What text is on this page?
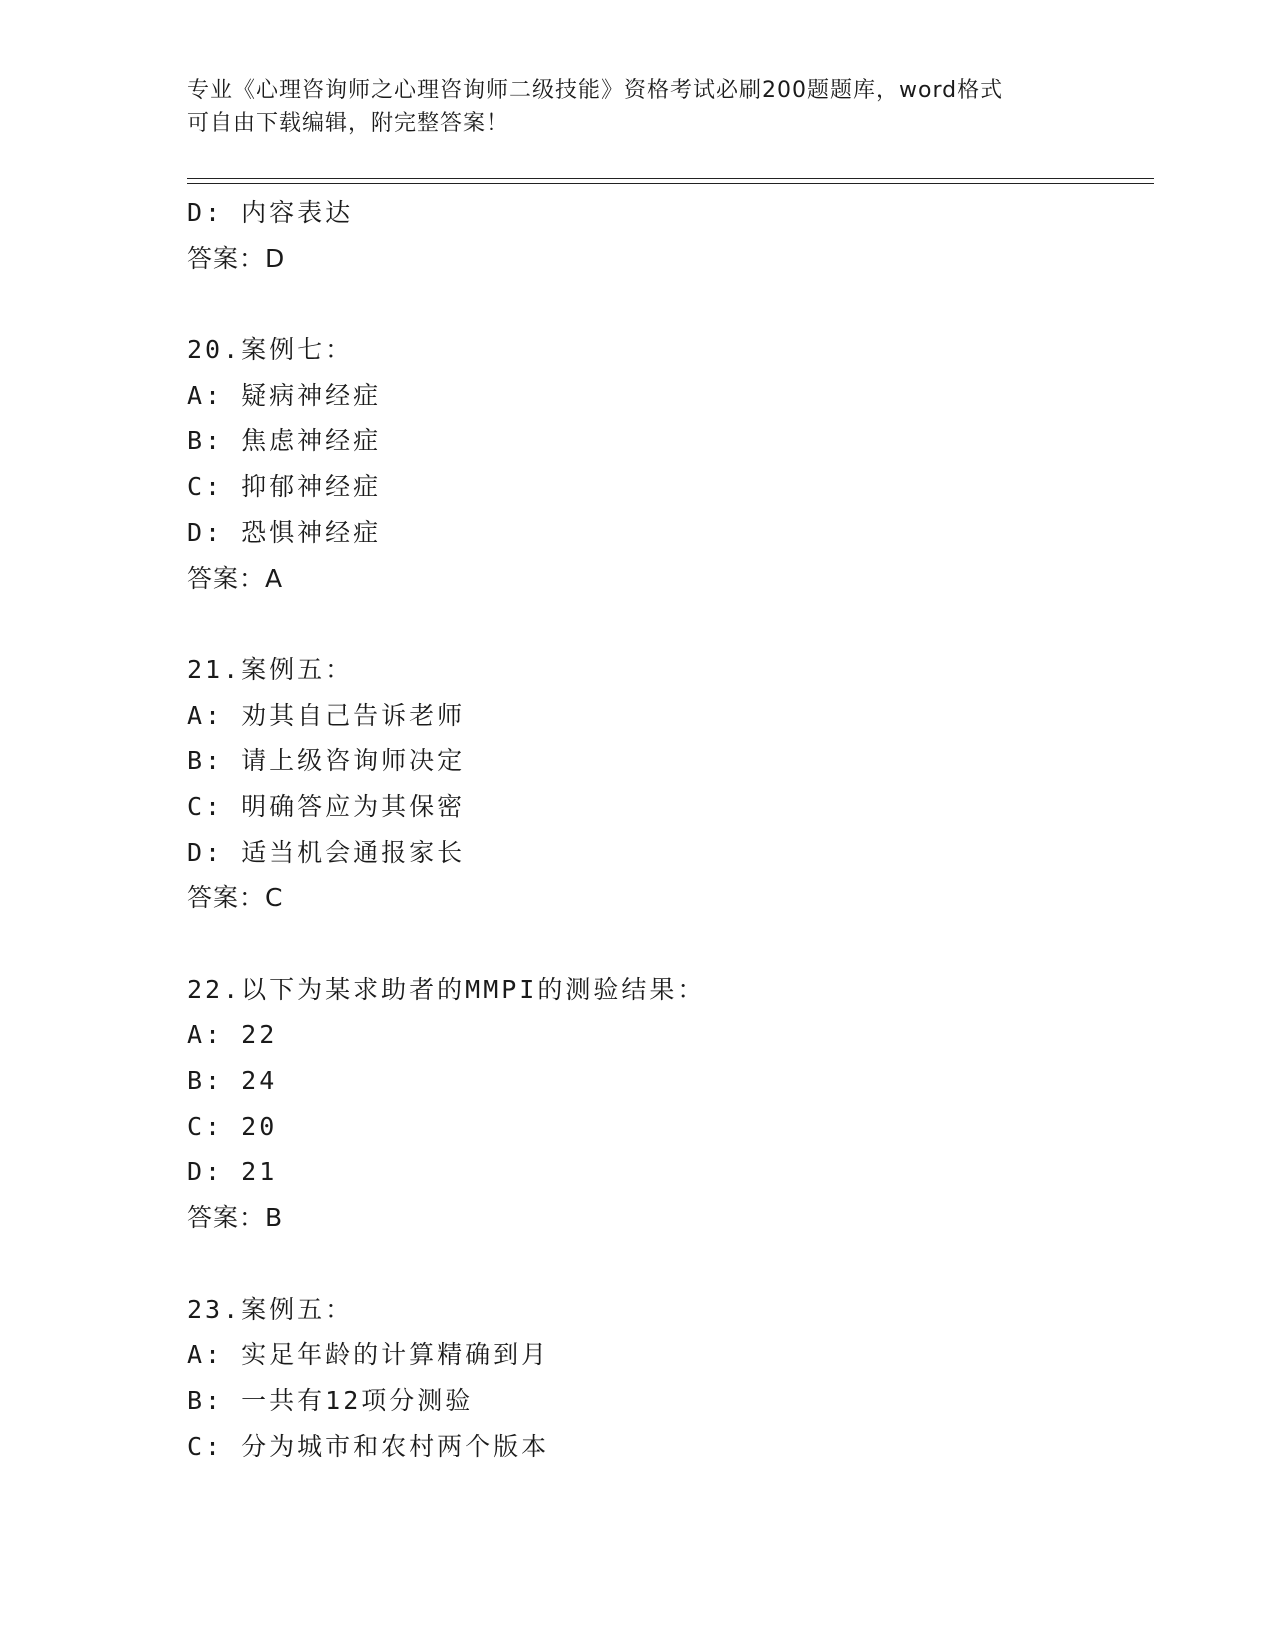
专业《心理咨询师之心理咨询师二级技能》资格考试必刷200题题库，word格式
可自由下载编辑，附完整答案！
D: 内容表达
答案：D
20.案例七：
A: 疑病神经症
B: 焦虑神经症
C: 抑郁神经症
D: 恐惧神经症
答案：A
21.案例五：
A: 劝其自己告诉老师
B: 请上级咨询师决定
C: 明确答应为其保密
D: 适当机会通报家长
答案：C
22.以下为某求助者的MMPI的测验结果：
A: 22
B: 24
C: 20
D: 21
答案：B
23.案例五：
A: 实足年龄的计算精确到月
B: 一共有12项分测验
C: 分为城市和农村两个版本
